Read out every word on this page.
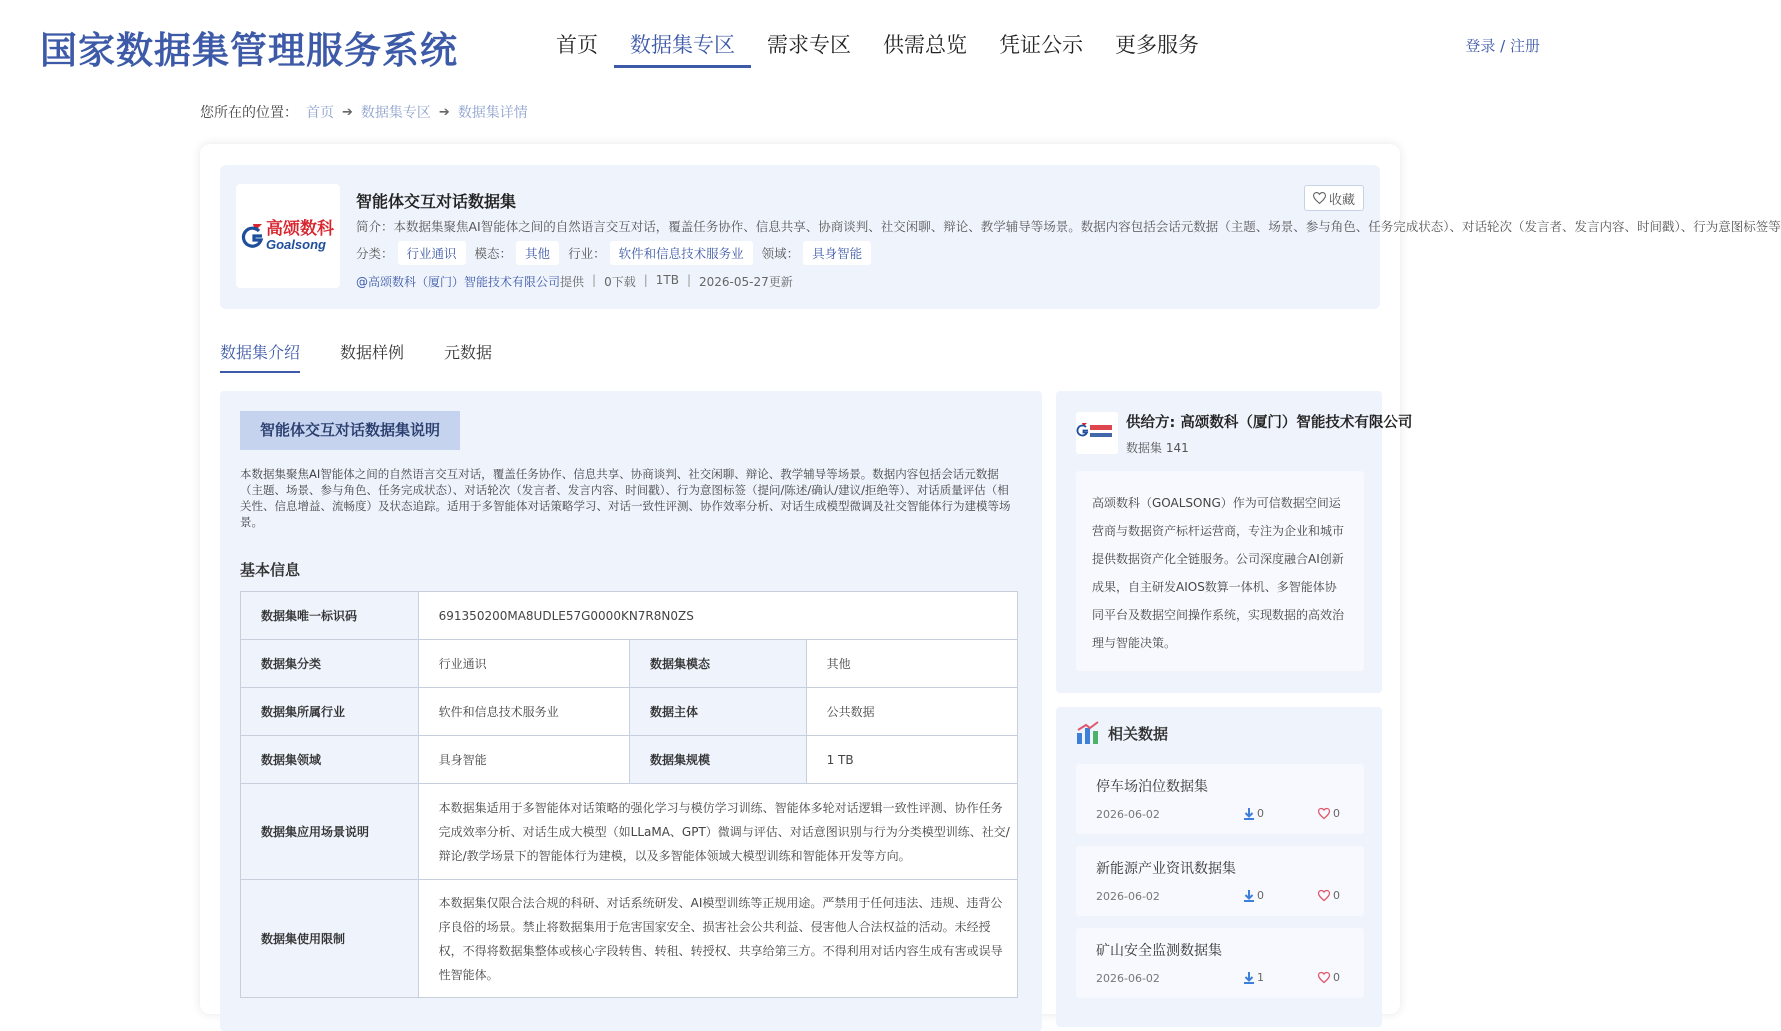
国家数据集管理服务系统	首页	数据集专区	需求专区	供需总览	凭证公示	更多服务	登录 / 注册
您所在的位置： 首页 ➔ 数据集专区 ➔ 数据集详情
高颂数科
Goalsong
智能体交互对话数据集
简介：本数据集聚焦AI智能体之间的自然语言交互对话，覆盖任务协作、信息共享、协商谈判、社交闲聊、辩论、教学辅导等场景。数据内容包括会话元数据（主题、场景、参与角色、任务完成状态）、对话轮次（发言者、发言内容、时间戳）、行为意图标签等
收藏
分类：	行业通识	模态：	其他	行业：	软件和信息技术服务业	领域：	具身智能
@高颂数科（厦门）智能技术有限公司 提供 | 0下载 | 1TB | 2026-05-27更新
数据集介绍	数据样例	元数据
智能体交互对话数据集说明
本数据集聚焦AI智能体之间的自然语言交互对话，覆盖任务协作、信息共享、协商谈判、社交闲聊、辩论、教学辅导等场景。数据内容包括会话元数据（主题、场景、参与角色、任务完成状态）、对话轮次（发言者、发言内容、时间戳）、行为意图标签（提问/陈述/确认/建议/拒绝等）、对话质量评估（相关性、信息增益、流畅度）及状态追踪。适用于多智能体对话策略学习、对话一致性评测、协作效率分析、对话生成模型微调及社交智能体行为建模等场景。
基本信息
数据集唯一标识码	691350200MA8UDLE57G0000KN7R8N0ZS		
数据集分类	行业通识	数据集模态	其他
数据集所属行业	软件和信息技术服务业	数据主体	公共数据
数据集领域	具身智能	数据集规模	1 TB
数据集应用场景说明	本数据集适用于多智能体对话策略的强化学习与模仿学习训练、智能体多轮对话逻辑一致性评测、协作任务完成效率分析、对话生成大模型（如LLaMA、GPT）微调与评估、对话意图识别与行为分类模型训练、社交/辩论/教学场景下的智能体行为建模，以及多智能体领域大模型训练和智能体开发等方向。		
数据集使用限制	本数据集仅限合法合规的科研、对话系统研发、AI模型训练等正规用途。严禁用于任何违法、违规、违背公序良俗的场景。禁止将数据集用于危害国家安全、损害社会公共利益、侵害他人合法权益的活动。未经授权，不得将数据集整体或核心字段转售、转租、转授权、共享给第三方。不得利用对话内容生成有害或误导性智能体。		
供给方: 高颂数科（厦门）智能技术有限公司
数据集 141
高颂数科（GOALSONG）作为可信数据空间运营商与数据资产标杆运营商，专注为企业和城市提供数据资产化全链服务。公司深度融合AI创新成果，自主研发AIOS数算一体机、多智能体协同平台及数据空间操作系统，实现数据的高效治理与智能决策。
相关数据
停车场泊位数据集
2026-06-02	0	0
新能源产业资讯数据集
2026-06-02	0	0
矿山安全监测数据集
2026-06-02	1	0
